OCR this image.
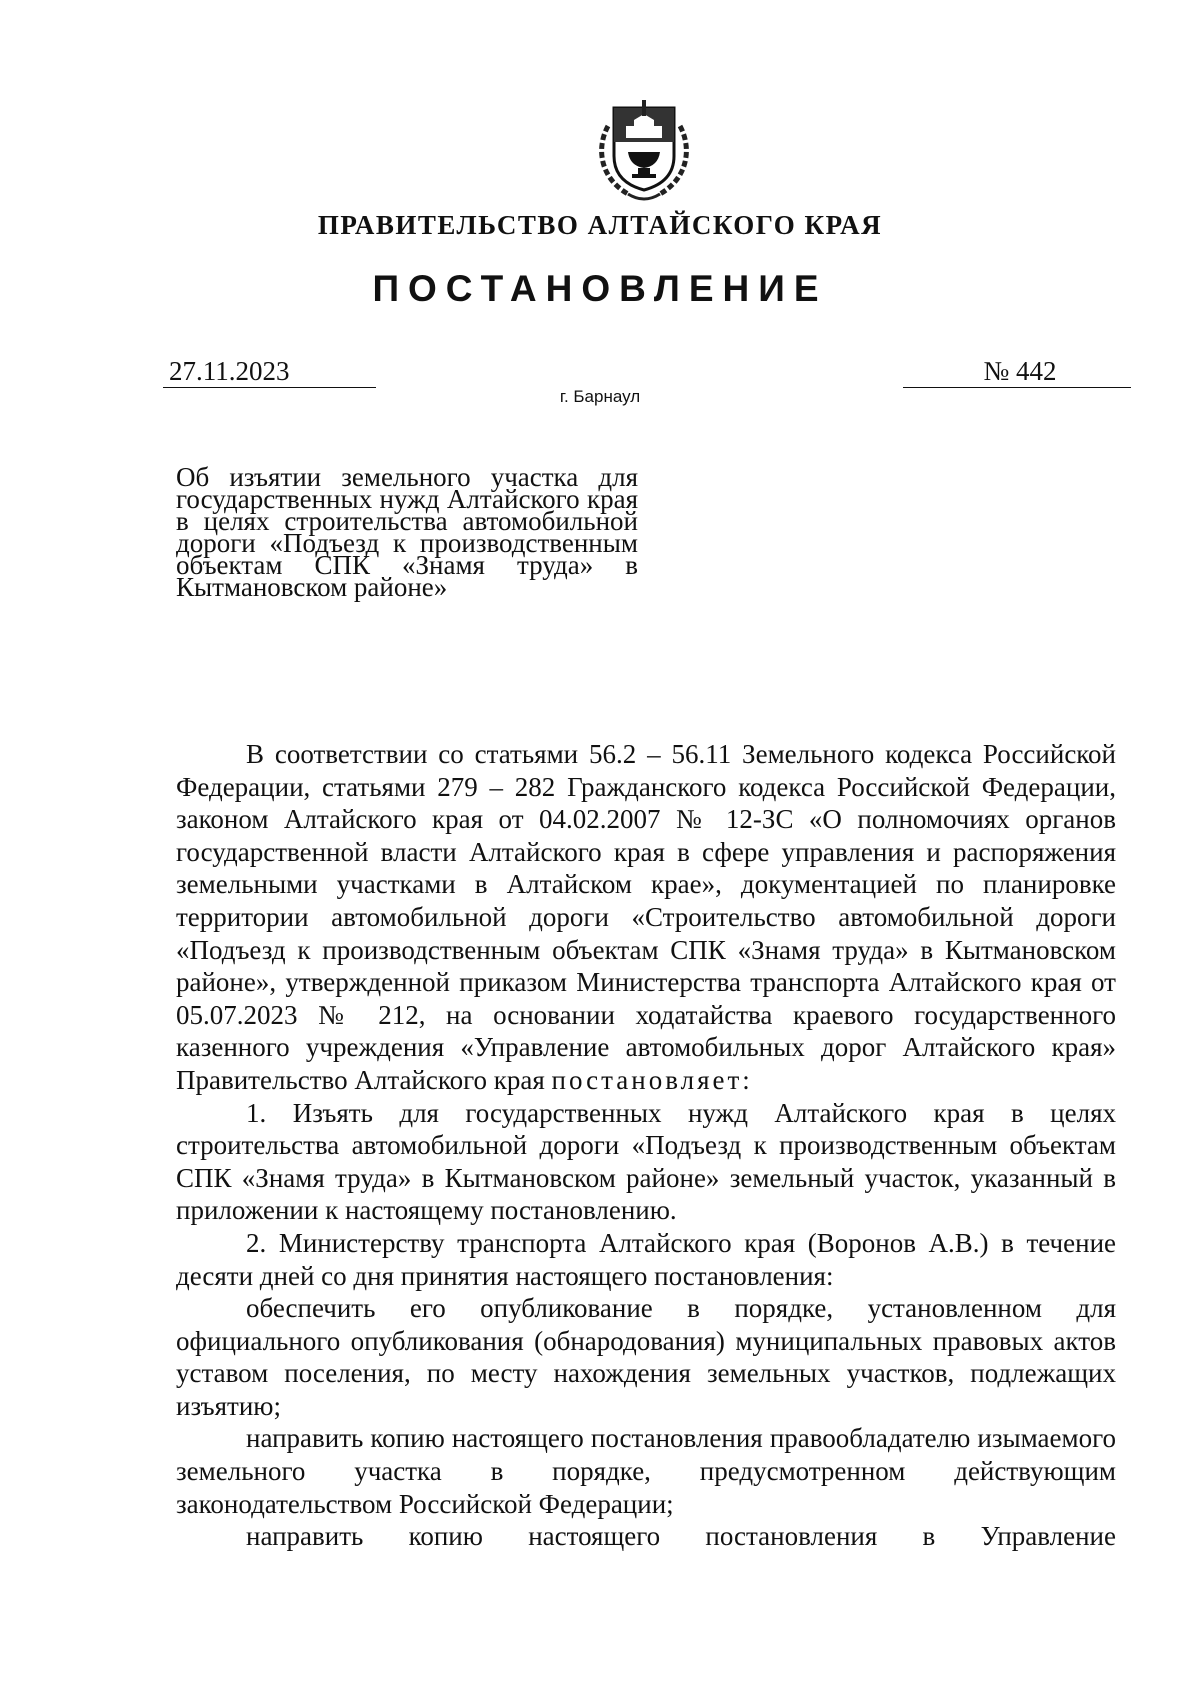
ПРАВИТЕЛЬСТВО АЛТАЙСКОГО КРАЯ
ПОСТАНОВЛЕНИЕ
27.11.2023	№ 442
г. Барнаул
Об изъятии земельного участка для государственных нужд Алтайского края в целях строительства автомобильной дороги «Подъезд к производственным объектам СПК «Знамя труда» в Кытмановском районе»

В соответствии со статьями 56.2 – 56.11 Земельного кодекса Российской Федерации, статьями 279 – 282 Гражданского кодекса Российской Федерации, законом Алтайского края от 04.02.2007 № 12-ЗС «О полномочиях органов государственной власти Алтайского края в сфере управления и распоряжения земельными участками в Алтайском крае», документацией по планировке территории автомобильной дороги «Строительство автомобильной дороги «Подъезд к производственным объектам СПК «Знамя труда» в Кытмановском районе», утвержденной приказом Министерства транспорта Алтайского края от 05.07.2023 № 212, на основании ходатайства краевого государственного казенного учреждения «Управление автомобильных дорог Алтайского края» Правительство Алтайского края постановляет:

1. Изъять для государственных нужд Алтайского края в целях строительства автомобильной дороги «Подъезд к производственным объектам СПК «Знамя труда» в Кытмановском районе» земельный участок, указанный в приложении к настоящему постановлению.

2. Министерству транспорта Алтайского края (Воронов А.В.) в течение десяти дней со дня принятия настоящего постановления:

обеспечить его опубликование в порядке, установленном для официального опубликования (обнародования) муниципальных правовых актов уставом поселения, по месту нахождения земельных участков, подлежащих изъятию;

направить копию настоящего постановления правообладателю изымаемого земельного участка в порядке, предусмотренном действующим законодательством Российской Федерации;

направить копию настоящего постановления в Управление
